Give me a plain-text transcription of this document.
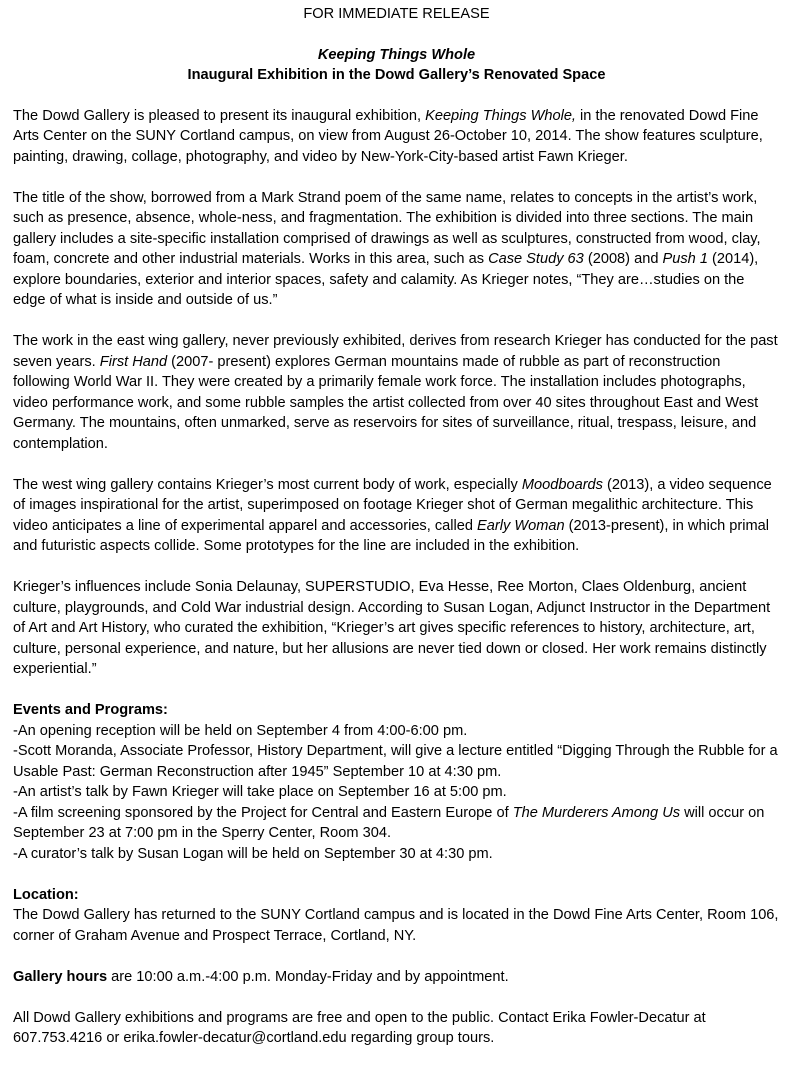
FOR IMMEDIATE RELEASE
Keeping Things Whole
Inaugural Exhibition in the Dowd Gallery’s Renovated Space

The Dowd Gallery is pleased to present its inaugural exhibition, Keeping Things Whole, in the renovated Dowd Fine Arts Center on the SUNY Cortland campus, on view from August 26-October 10, 2014. The show features sculpture, painting, drawing, collage, photography, and video by New-York-City-based artist Fawn Krieger.

The title of the show, borrowed from a Mark Strand poem of the same name, relates to concepts in the artist’s work, such as presence, absence, whole-ness, and fragmentation. The exhibition is divided into three sections. The main gallery includes a site-specific installation comprised of drawings as well as sculptures, constructed from wood, clay, foam, concrete and other industrial materials. Works in this area, such as Case Study 63 (2008) and Push 1 (2014), explore boundaries, exterior and interior spaces, safety and calamity. As Krieger notes, “They are…studies on the edge of what is inside and outside of us.”

The work in the east wing gallery, never previously exhibited, derives from research Krieger has conducted for the past seven years. First Hand (2007- present) explores German mountains made of rubble as part of reconstruction following World War II. They were created by a primarily female work force. The installation includes photographs, video performance work, and some rubble samples the artist collected from over 40 sites throughout East and West Germany. The mountains, often unmarked, serve as reservoirs for sites of surveillance, ritual, trespass, leisure, and contemplation.

The west wing gallery contains Krieger’s most current body of work, especially Moodboards (2013), a video sequence of images inspirational for the artist, superimposed on footage Krieger shot of German megalithic architecture. This video anticipates a line of experimental apparel and accessories, called Early Woman (2013-present), in which primal and futuristic aspects collide. Some prototypes for the line are included in the exhibition.

Krieger’s influences include Sonia Delaunay, SUPERSTUDIO, Eva Hesse, Ree Morton, Claes Oldenburg, ancient culture, playgrounds, and Cold War industrial design. According to Susan Logan, Adjunct Instructor in the Department of Art and Art History, who curated the exhibition, “Krieger’s art gives specific references to history, architecture, art, culture, personal experience, and nature, but her allusions are never tied down or closed. Her work remains distinctly experiential.”

Events and Programs:
-An opening reception will be held on September 4 from 4:00-6:00 pm.
-Scott Moranda, Associate Professor, History Department, will give a lecture entitled “Digging Through the Rubble for a Usable Past: German Reconstruction after 1945” September 10 at 4:30 pm.
-An artist’s talk by Fawn Krieger will take place on September 16 at 5:00 pm.
-A film screening sponsored by the Project for Central and Eastern Europe of The Murderers Among Us will occur on September 23 at 7:00 pm in the Sperry Center, Room 304.
-A curator’s talk by Susan Logan will be held on September 30 at 4:30 pm.
Location:
The Dowd Gallery has returned to the SUNY Cortland campus and is located in the Dowd Fine Arts Center, Room 106, corner of Graham Avenue and Prospect Terrace, Cortland, NY.

Gallery hours are 10:00 a.m.-4:00 p.m. Monday-Friday and by appointment.

All Dowd Gallery exhibitions and programs are free and open to the public. Contact Erika Fowler-Decatur at 607.753.4216 or erika.fowler-decatur@cortland.edu regarding group tours.
